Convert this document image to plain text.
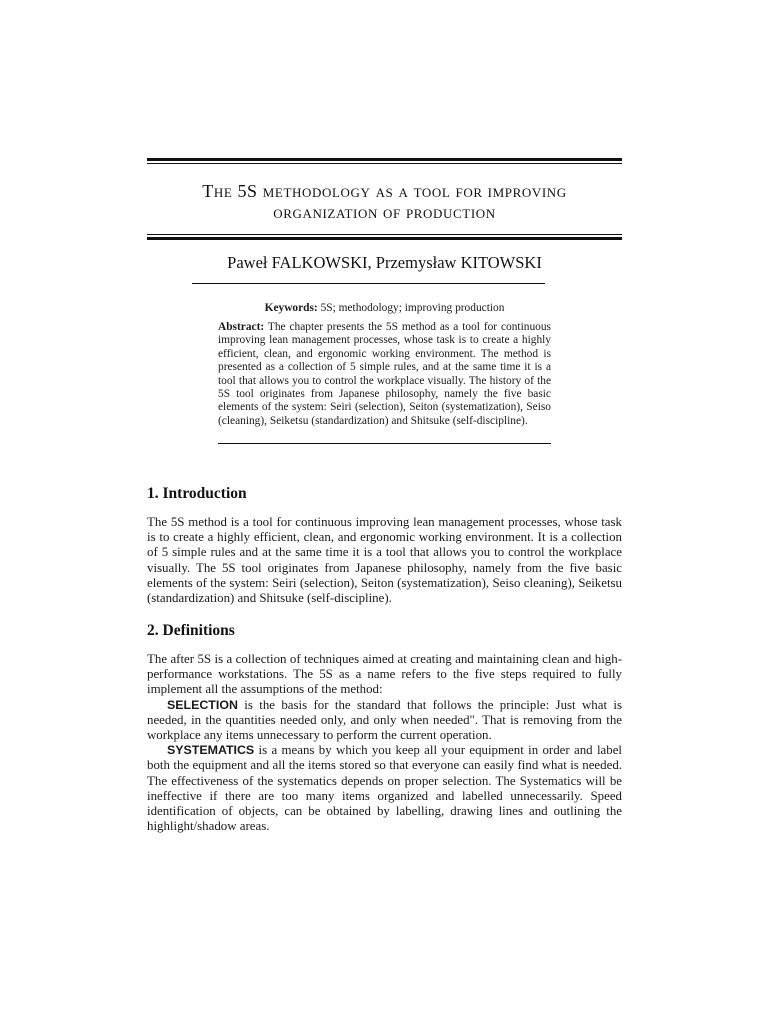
The 5S methodology as a tool for improving
organization of production
Paweł FALKOWSKI, Przemysław KITOWSKI
Keywords: 5S; methodology; improving production
Abstract: The chapter presents the 5S method as a tool for continuous improving lean management processes, whose task is to create a highly efficient, clean, and ergonomic working environment. The method is presented as a collection of 5 simple rules, and at the same time it is a tool that allows you to control the workplace visually. The history of the 5S tool originates from Japanese philosophy, namely the five basic elements of the system: Seiri (selection), Seiton (systematization), Seiso (cleaning), Seiketsu (standardization) and Shitsuke (self-discipline).
1. Introduction

The 5S method is a tool for continuous improving lean management processes, whose task is to create a highly efficient, clean, and ergonomic working environment. It is a collection of 5 simple rules and at the same time it is a tool that allows you to control the workplace visually. The 5S tool originates from Japanese philosophy, namely from the five basic elements of the system: Seiri (selection), Seiton (systematization), Seiso cleaning), Seiketsu (standardization) and Shitsuke (self-discipline).

2. Definitions

The after 5S is a collection of techniques aimed at creating and maintaining clean and high-performance workstations. The 5S as a name refers to the five steps required to fully implement all the assumptions of the method:

SELECTION is the basis for the standard that follows the principle: Just what is needed, in the quantities needed only, and only when needed". That is removing from the workplace any items unnecessary to perform the current operation.

SYSTEMATICS is a means by which you keep all your equipment in order and label both the equipment and all the items stored so that everyone can easily find what is needed. The effectiveness of the systematics depends on proper selection. The Systematics will be ineffective if there are too many items organized and labelled unnecessarily. Speed identification of objects, can be obtained by labelling, drawing lines and outlining the highlight/shadow areas.
